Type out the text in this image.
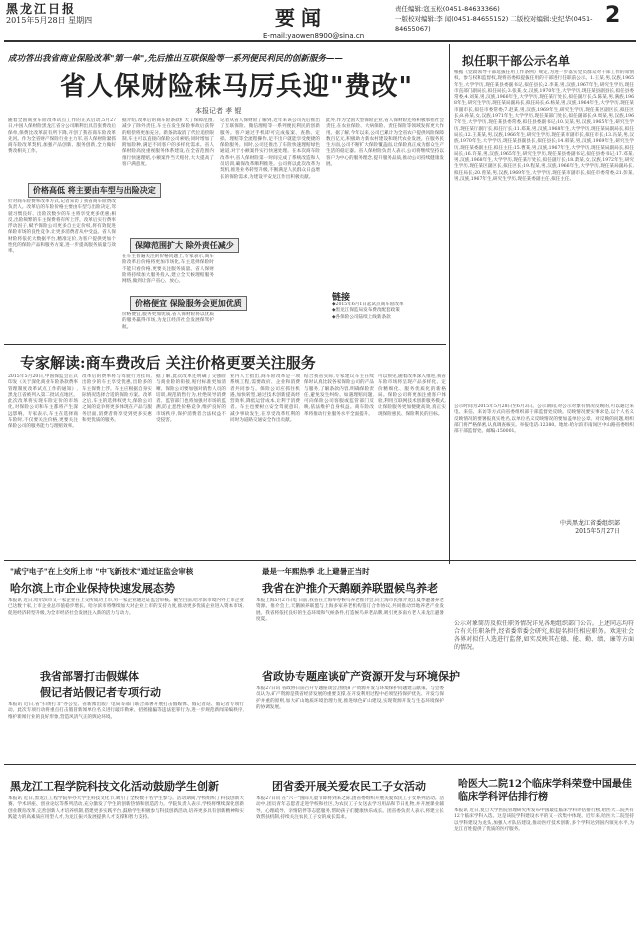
黑龙江日报
2015年5月28日 星期四	要闻
E-mail:yaowen8900@sina.cn
责任编辑:寇玉松(0451-84633366)
一版校对编辑:李 闻(0451-84655152) 二版校对编辑:史纪华(0451-84655067)
2
成功答出我省商业保险改革"第一单",先后推出互联保险等一系列便民利民的创新服务——
省人保财险秣马厉兵迎"费改"
本报记者 孝 锟
随着全国商业车险改革试点工作的正式启动,5月27日,中国人保财险黑龙江省分公司顺利出具首张费改后保单,保费比改革前有所下降,开创了我省商车险改革先河。作为全省财产保险行业主力军,省人保财险紧抓商车险改革契机,加强产品创新、服务创新,全力做好费改相关工作。
价格高低 将主要由车型与出险决定
针对商车险费率改革方式,记者采访了我省商车险费改负责人。改革后的车险价格主要由车型与出险决定,驾驶习惯良好、出险次数少的车主将享受更多优惠;相反,出险频繁的车主保费将有所上浮。改革后实行费率浮动因子,赋予保险公司更多自主定价权,将有效促进保险市场的良性竞争,让更多消费者从中受益。省人保财险将依托大数据平台,精准定价,为客户提供更加个性化的保险产品和服务方案,进一步提高服务质量与效率。
据介绍,改革后的商车险条款扩大了保障范围,减少了除外责任,车主在发生保险事故后获得的赔偿将更加充分。新条款取消了代位追偿限制,车主可以直接向保险公司索赔;同时增加了附加险种,满足不同客户的多样化需求。省人保财险高度重视服务体系建设,在全省范围内推行快速理赔,小额案件当天赔付,大大提高了客户满意度。
保障范围扩大 除外责任减少
在车主普遍关注的价格问题上,专家表示,商车险改革后价格将更加市场化,车主选择保险时不能只看价格,更要关注服务质量。省人保财险将持续加大服务投入,建立全天候理赔服务网络,做到让客户省心、放心。
价格便宜 保险服务会更加优质
价格便宜,服务更加优质,省人保财险将以优质的服务赢得市场,为龙江经济社会发展保驾护航。
记者从省人保财险了解到,近年来该公司先后推出了互联保险、微信理赔等一系列便民利民的创新服务。客户通过手机即可完成报案、查勘、定损、理赔等全流程操作,足不出户就能享受便捷的保险服务。同时,公司还推出了车险快速理赔绿色通道,对于小额案件实行快速处理。在本次商车险改革中,省人保财险第一时间完成了系统改造和人员培训,确保改革顺利推进。公司将以此次改革为契机,推进业务转型升级,不断满足人民群众日益增长的保险需求,为建设平安龙江作出积极贡献。
此外,作为全国大型保险企业,省人保财险还将积极承担社会责任,在农业保险、大病保险、责任保险等领域发挥更大作用。据了解,今年以来,公司已累计为全省农户提供风险保障数百亿元,积极助力新农村建设和现代农业发展。在服务民生方面,公司不断扩大保险覆盖面,让保险真正成为群众生产生活的稳定器。省人保财险负责人表示,公司将继续坚持以客户为中心的服务理念,提升服务品质,推动公司持续健康发展。
链接
◆2015年6月1日起试点商车险改革
◆黑龙江保监局发布费改配套政策
◆各保险公司陆续上线新条款
专家解读:商车费改后 关注价格更要关注服务
2015年5月20日,中国保监会正式印发《关于深化商业车险条款费率管理制度改革试点工作的通知》,黑龙江省被列入第二批试点地区。此次改革将实现车险定价的市场化,对保险公司和车主都将产生深远影响。专家表示,车主在选择商车险时,不仅要关注价格,更要关注保险公司的服务能力与理赔效率。
改革后的费率将与驾驶行为挂钩,出险少的车主享受优惠,出险多的车主保费上浮。车主应根据自身实际情况选择合适的保险方案。改革之后,车主的选择权更大,保险公司之间的竞争将更多体现在产品与服务层面,消费者将享受到更多实惠和更优质的服务。
据了解,此次改革还明确了交强险与商业险的衔接,赔付标准更加清晰。保险公司要加强对销售人员的培训,规范销售行为,杜绝误导消费者。监管部门也将加强对市场的监测,防止恶性价格竞争,维护良好的市场秩序,保护消费者合法权益不受侵害。
业内人士指出,商车险改革是一项系统工程,需要政府、企业和消费者共同参与。保险公司应抓住机遇,加快转型,通过技术创新提高经营效率,降低运营成本,让利于消费者。车主也要树立安全驾驶意识,减少事故发生,在享受改革红利的同时为道路交通安全作出贡献。
结合我省实际,专家建议车主在续保时认真比较各家保险公司的产品与服务,了解条款内容,明确保险责任,避免发生纠纷。如遇理赔问题,可向保险公司客服或监管部门反映,依法维护自身权益。商车险改革将推动行业服务水平全面提升。
可以预见,随着改革深入推进,我省车险市场将呈现产品多样化、定价精细化、服务优质化的新格局。保险公司将更加注重客户体验,利用互联网技术创新服务模式,让保险服务更加便捷高效,真正实现保险惠民、保险利民的目标。
拟任职干部公示名单
根据《党政领导干部选拔任用工作条例》规定,为进一步落实党员群众对干部工作的知情权、参与权和监督权,现将省委拟提拔任用的干部进行任职前公示。1.王某,男,汉族,1965年生,大学学历,现任某县委副书记,拟任县长;2.李某,男,汉族,1967年生,研究生学历,现任市直部门副局长,拟任局长;3.张某,女,汉族,1970年生,大学学历,现任某县副县长,拟任县委常委;4.刘某,男,汉族,1966年生,大学学历,现任某厅处长,拟任副厅长;5.陈某,男,满族,1968年生,研究生学历,现任某局副局长,拟任局长;6.杨某,男,汉族,1964年生,大学学历,现任某市副市长,拟任市委常委;7.赵某,男,汉族,1969年生,研究生学历,现任某区副区长,拟任区长;8.孙某,女,汉族,1971年生,大学学历,现任某部门处长,拟任副部长;9.周某,男,汉族,1967年生,大学学历,现任某县委常委,拟任县委副书记;10.吴某,男,汉族,1965年生,研究生学历,现任某厅副厅长,拟任厅长;11.郑某,男,汉族,1968年生,大学学历,现任某局副局长,拟任局长;12.王某某,男,汉族,1966年生,研究生学历,现任某市副市长,拟任市长;13.冯某,男,汉族,1970年生,大学学历,现任某县副县长,拟任县长;14.韩某,男,汉族,1969年生,研究生学历,现任某委副主任,拟任主任;15.曹某,男,汉族,1967年生,大学学历,现任某局副局长,拟任局长;16.许某,男,汉族,1965年生,研究生学历,现任某县委副书记,拟任县委书记;17.邓某,男,汉族,1968年生,大学学历,现任某厅处长,拟任副厅长;18.萧某,女,汉族,1972年生,研究生学历,现任某区副区长,拟任区长;19.程某,男,汉族,1966年生,大学学历,现任某局副局长,拟任局长;20.曾某,男,汉族,1969年生,大学学历,现任某市副市长,拟任市委常委;21.彭某,男,汉族,1967年生,研究生学历,现任某委副主任,拟任主任。
公示时间为2015年5月28日至6月3日。公示期间,对公示对象有情况反映的,可以通过来电、来信、来访等方式向省委组织部干部监督处反映。反映情况要实事求是,以个人名义反映情况的要署报真实姓名,以单位名义反映情况的要加盖单位公章。对反映的问题,组织部门将严格保密,认真调查核实。举报电话:12380。地址:哈尔滨市南岗区中山路省委组织部干部监督处。邮编:150001。
中共黑龙江省委组织部
2015年5月27日
"咸宁电子"在上交所上市 "中飞新技术"通过证监会审核
哈尔滨上市企业保持快速发展态势
本报讯 近日,哈尔滨市又一家企业在上交所成功上市,另一家企业通过证监会审核。截至目前,哈尔滨市境内外上市企业已达数十家,上市企业总市值稳步增长。哈尔滨市将继续加大对企业上市的支持力度,推动更多优质企业进入资本市场,促进经济转型升级,为全市经济社会发展注入新的活力与动力。
最是一年熙热季 北上避暑正当时
我省在沪推介天鹅颐养联盟候鸟养老
本报上海5月27日电 日前,我省在上海举办候鸟养老推介会,向上海市民推介龙江夏季避暑养老资源。推介会上,天鹅颐养联盟与上海多家养老机构签订合作协议,共同推动异地养老产业发展。我省将依托良好的生态环境和气候条件,打造候鸟养老品牌,吸引更多南方老人来龙江避暑度夏。
我省部署打击假媒体
假记者站假记者专项行动
本报讯 近日,省"扫黄打非"办公室、省新闻出版广电局等部门联合部署开展打击假媒体、假记者站、假记者专项行动。此次专项行动将重点打击假冒新闻单位名义进行敲诈勒索、招摇撞骗等违法犯罪行为,进一步规范新闻采编秩序,维护新闻行业的良好形象,营造风清气正的舆论环境。
省政协专题座谈矿产资源开发与环境保护
本报27日讯 省政协日前召开专题座谈会,围绕矿产资源开发与环境保护问题建言献策。与会委员认为,矿产资源是我省经济发展的重要支撑,在开发利用过程中必须坚持保护优先、开发与保护并重的原则,加大矿山地质环境治理力度,推进绿色矿山建设,实现资源开发与生态环境保护的协调发展。
公示对象简历及拟任职务情况详见各地组织部门公告。上述同志均符合有关任职条件,经省委常委会研究,拟提名担任相应职务。欢迎社会各界对拟任人选进行监督,如实反映其在德、能、勤、绩、廉等方面的情况。
黑龙江工程学院科技文化活动鼓励学生创新
本报讯 近日,黑龙江工程学院举办大学生科技文化节,吸引了全校数千名学生参与。活动期间,学校组织了科技创新大赛、学术讲座、创业论坛等系列活动,充分激发了学生的创新热情和创造活力。学院负责人表示,学校将继续深化创新创业教育改革,完善创新人才培养机制,搭建更多实践平台,鼓励学生积极参与科技创新活动,培养更多具有创新精神和实践能力的高素质应用型人才,为龙江振兴发展提供人才支撑和智力支持。
团省委开展关爱农民工子女活动
本报27日讯 在"六一"国际儿童节即将到来之际,团省委组织开展关爱农民工子女系列活动。活动中,团员青年志愿者走进学校和社区,为农民工子女送去学习用品和节日礼物,并开展课业辅导、心理疏导、亲情陪伴等志愿服务,帮助孩子们健康快乐成长。团省委负责人表示,将建立长效帮扶机制,持续关注农民工子女的成长需求。
哈医大二院12个临床学科荣登中国最佳临床学科评估排行榜
本报讯 近日,复旦大学医院管理研究所发布中国最佳临床学科评估排行榜,哈医大二院共有12个临床学科入选。这是该院学科建设水平的又一次集中体现。近年来,哈医大二院坚持以学科建设为龙头,加强人才队伍建设,推动医疗技术创新,多个学科达到国内领先水平,为龙江百姓提供了优质的医疗服务。
